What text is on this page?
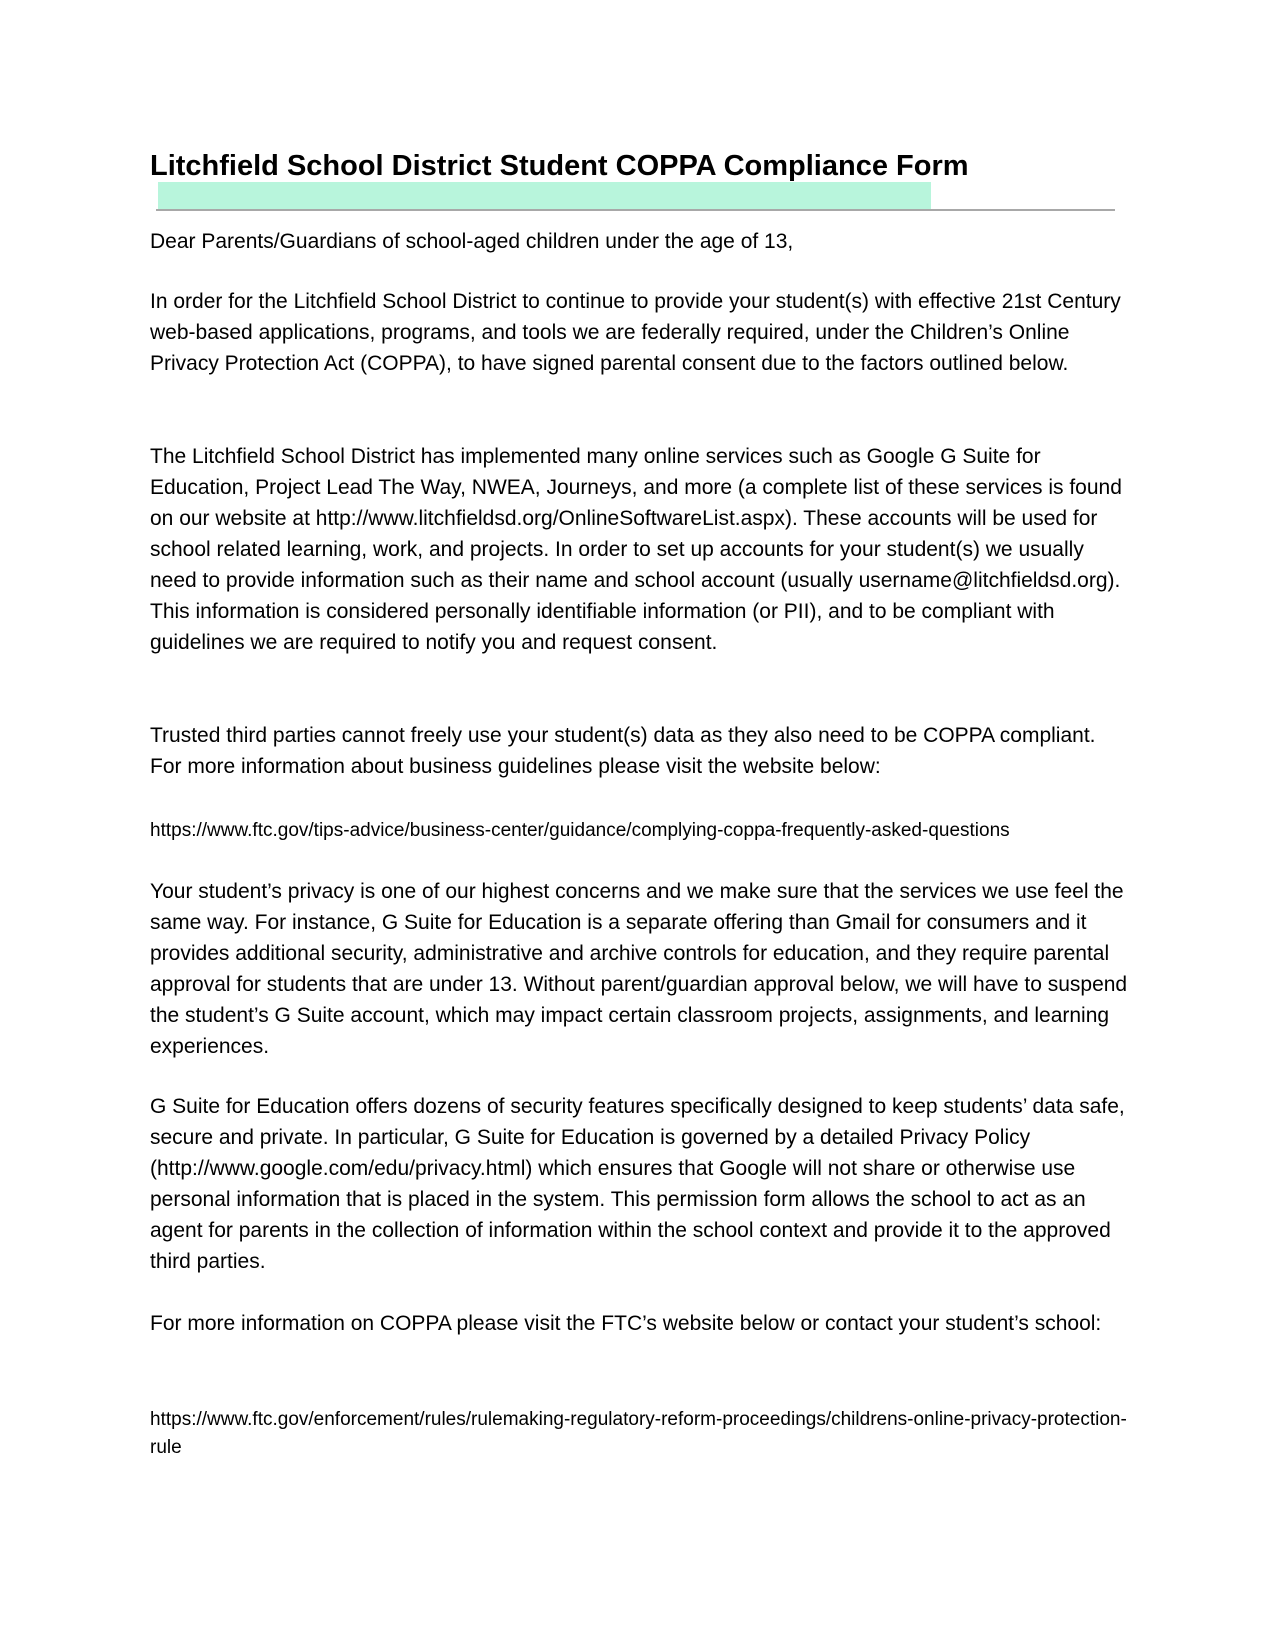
Litchfield School District Student COPPA Compliance Form

Dear Parents/Guardians of school-aged children under the age of 13,

In order for the Litchfield School District to continue to provide your student(s) with effective 21st Century web-based applications, programs, and tools we are federally required, under the Children’s Online Privacy Protection Act (COPPA), to have signed parental consent due to the factors outlined below.

The Litchfield School District has implemented many online services such as Google G Suite for Education, Project Lead The Way, NWEA, Journeys, and more (a complete list of these services is found on our website at http://www.litchfieldsd.org/OnlineSoftwareList.aspx). These accounts will be used for school related learning, work, and projects. In order to set up accounts for your student(s) we usually need to provide information such as their name and school account (usually username@litchfieldsd.org). This information is considered personally identifiable information (or PII), and to be compliant with guidelines we are required to notify you and request consent.

Trusted third parties cannot freely use your student(s) data as they also need to be COPPA compliant. For more information about business guidelines please visit the website below:

https://www.ftc.gov/tips-advice/business-center/guidance/complying-coppa-frequently-asked-questions

Your student’s privacy is one of our highest concerns and we make sure that the services we use feel the same way. For instance, G Suite for Education is a separate offering than Gmail for consumers and it provides additional security, administrative and archive controls for education, and they require parental approval for students that are under 13. Without parent/guardian approval below, we will have to suspend the student’s G Suite account, which may impact certain classroom projects, assignments, and learning experiences.

G Suite for Education offers dozens of security features specifically designed to keep students’ data safe, secure and private. In particular, G Suite for Education is governed by a detailed Privacy Policy (http://www.google.com/edu/privacy.html) which ensures that Google will not share or otherwise use personal information that is placed in the system. This permission form allows the school to act as an agent for parents in the collection of information within the school context and provide it to the approved third parties.

For more information on COPPA please visit the FTC’s website below or contact your student’s school:

https://www.ftc.gov/enforcement/rules/rulemaking-regulatory-reform-proceedings/childrens-online-privacy-protection-rule
